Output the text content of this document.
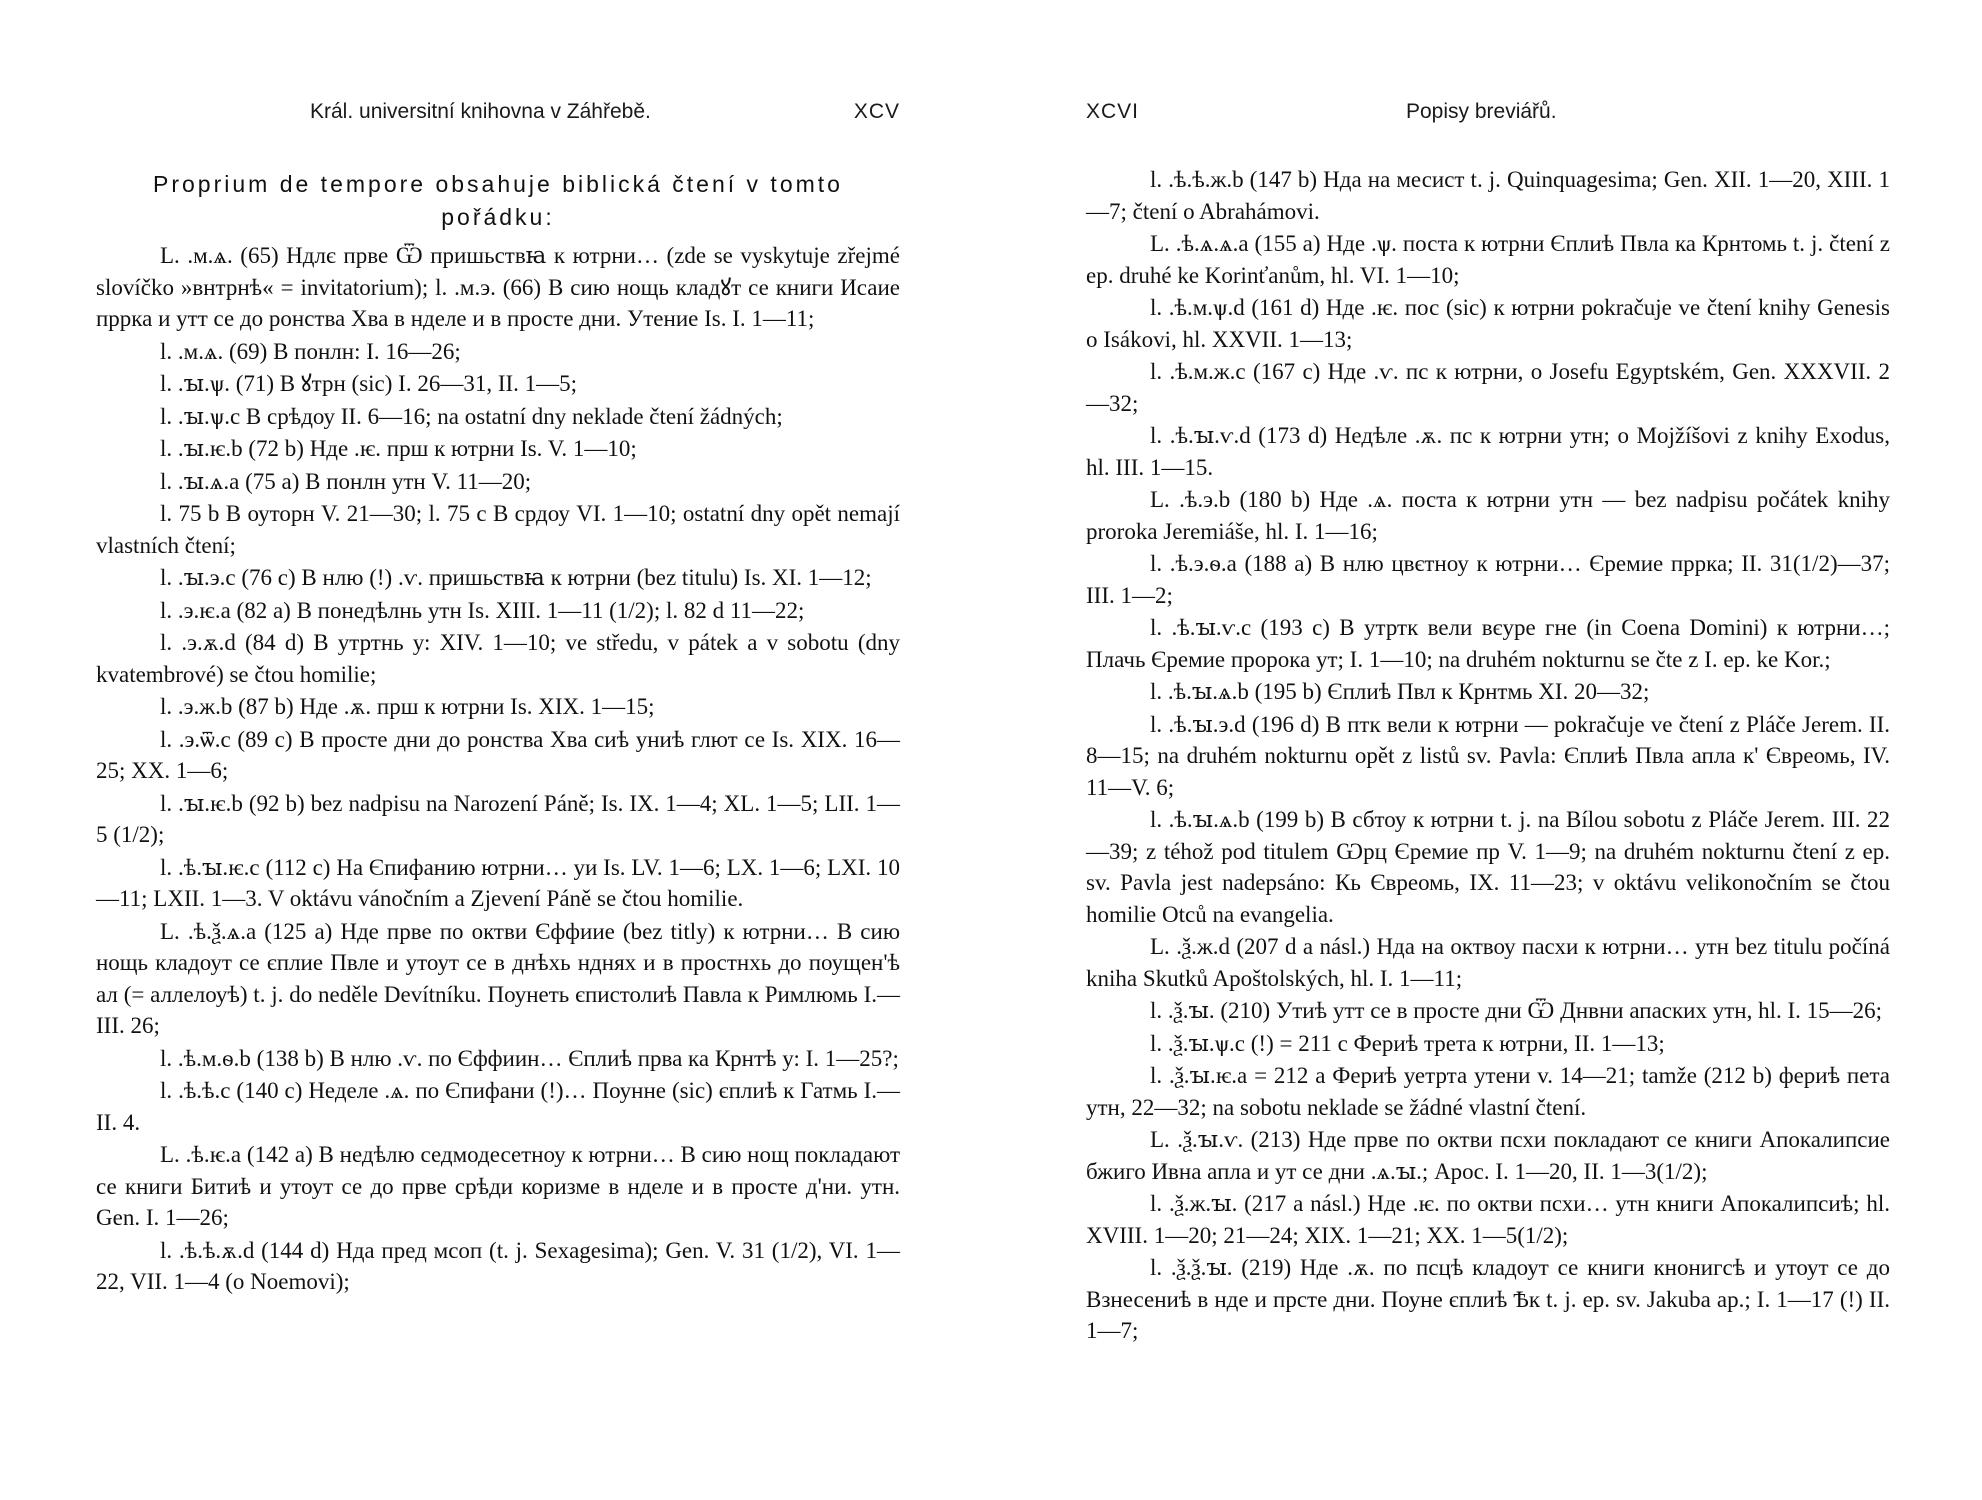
Král. universitní knihovna v Záhřebě.	XCV
Proprium de tempore obsahuje biblická čtení v tomto pořádku:

L. .м.ѧ. (65) Ндлє прве Ѿ пришьствꙗ к ютрни… (zde se vyskytuje zřejmé slovíčko »внтрнѣ« = invitatorium); l. .м.э. (66) В сию нощь кладꙋт се книги Исаие пррка и утт се до ронства Хва в нделе и в просте дни. Утение Is. I. 1—11;

l. .м.ѧ. (69) В понлн: I. 16—26;

l. .ꙑ.ѱ. (71) В ꙋтрн (sic) I. 26—31, II. 1—5;

l. .ꙑ.ѱ.c В срѣдоу II. 6—16; na ostatní dny neklade čtení žádných;

l. .ꙑ.ѥ.b (72 b) Нде .ѥ. прш к ютрни Is. V. 1—10;

l. .ꙑ.ѧ.a (75 a) В понлн утн V. 11—20;

l. 75 b В оуторн V. 21—30; l. 75 c В срдоу VI. 1—10; ostatní dny opět nemají vlastních čtení;

l. .ꙑ.э.c (76 c) В нлю (!) .ѵ. пришьствꙗ к ютрни (bez titulu) Is. XI. 1—12;

l. .э.ѥ.a (82 a) В понедѣлнь утн Is. XIII. 1—11 (1/2); l. 82 d 11—22;

l. .э.ѫ.d (84 d) В утртнь у: XIV. 1—10; ve středu, v pátek a v sobotu (dny kvatembrové) se čtou homilie;

l. .э.ж.b (87 b) Нде .ѫ. прш к ютрни Is. XIX. 1—15;

l. .э.ѿ.c (89 c) В просте дни до ронства Хва сиѣ униѣ глют се Is. XIX. 16—25; XX. 1—6;

l. .ꙑ.ѥ.b (92 b) bez nadpisu na Narození Páně; Is. IX. 1—4; XL. 1—5; LII. 1—5 (1/2);

l. .ѣ.ꙑ.ѥ.c (112 c) На Єпифанию ютрни… уи Is. LV. 1—6; LX. 1—6; LXI. 10—11; LXII. 1—3. V oktávu vánočním a Zjevení Páně se čtou homilie.

L. .ѣ.ѯ.ѧ.a (125 a) Нде прве по октви Єффиие (bez titly) к ютрни… В сию нощь кладоут се єплие Пвле и утоут се в днѣхь нднях и в простнхь до поущен'ѣ ал (= аллелоуѣ) t. j. do neděle Devítníku. Поунеть єпистолиѣ Павла к Римлюмь I.—III. 26;

l. .ѣ.м.ѳ.b (138 b) В нлю .ѵ. по Єффиин… Єплиѣ прва ка Крнтѣ у: I. 1—25?;

l. .ѣ.ѣ.c (140 c) Неделе .ѧ. по Єпифани (!)… Поунне (sic) єплиѣ к Гатмь I.—II. 4.

L. .ѣ.ѥ.a (142 a) В недѣлю седмодесетноу к ютрни… В сию нощ покладают се книги Битиѣ и утоут се до прве срѣди коризме в нделе и в просте д'ни. утн. Gen. I. 1—26;

l. .ѣ.ѣ.ѫ.d (144 d) Нда пред мсоп (t. j. Sexagesima); Gen. V. 31 (1/2), VI. 1—22, VII. 1—4 (o Noemovi);

XCVI	Popisy breviářů.

l. .ѣ.ѣ.ж.b (147 b) Нда на месист t. j. Quinquagesima; Gen. XII. 1—20, XIII. 1—7; čtení o Abrahámovi.

L. .ѣ.ѧ.ѧ.a (155 a) Нде .ѱ. поста к ютрни Єплиѣ Пвла ка Крнтомь t. j. čtení z ep. druhé ke Korinťanům, hl. VI. 1—10;

l. .ѣ.м.ѱ.d (161 d) Нде .ѥ. пос (sic) к ютрни pokračuje ve čtení knihy Genesis o Isákovi, hl. XXVII. 1—13;

l. .ѣ.м.ж.c (167 c) Нде .ѵ. пс к ютрни, o Josefu Egyptském, Gen. XXXVII. 2—32;

l. .ѣ.ꙑ.ѵ.d (173 d) Недѣле .ѫ. пс к ютрни утн; o Mojžíšovi z knihy Exodus, hl. III. 1—15.

L. .ѣ.э.b (180 b) Нде .ѧ. поста к ютрни утн — bez nadpisu počátek knihy proroka Jeremiáše, hl. I. 1—16;

l. .ѣ.э.ѳ.a (188 a) В нлю цвєтноу к ютрни… Єремие пррка; II. 31(1/2)—37; III. 1—2;

l. .ѣ.ꙑ.ѵ.c (193 c) В утртк вели вєуре гне (in Coena Domini) к ютрни…; Плачь Єремие пророка ут; I. 1—10; na druhém nokturnu se čte z I. ep. ke Kor.;

l. .ѣ.ꙑ.ѧ.b (195 b) Єплиѣ Пвл к Крнтмь XI. 20—32;

l. .ѣ.ꙑ.э.d (196 d) В птк вели к ютрни — pokračuje ve čtení z Pláče Jerem. II. 8—15; na druhém nokturnu opět z listů sv. Pavla: Єплиѣ Пвла апла к' Євреомь, IV. 11—V. 6;

l. .ѣ.ꙑ.ѧ.b (199 b) В сбтоу к ютрни t. j. na Bílou sobotu z Pláče Jerem. III. 22—39; z téhož pod titulem Ѡрц Єремие пр V. 1—9; na druhém nokturnu čtení z ep. sv. Pavla jest nadepsáno: Кь Євреомь, IX. 11—23; v oktávu velikonočním se čtou homilie Otců na evangelia.

L. .ѯ.ж.d (207 d a násl.) Нда на октвоу пасхи к ютрни… утн bez titulu počíná kniha Skutků Apoštolských, hl. I. 1—11;

l. .ѯ.ꙑ. (210) Утиѣ утт се в просте дни Ѿ Днвни апаских утн, hl. I. 15—26;

l. .ѯ.ꙑ.ѱ.c (!) = 211 c Фериѣ трета к ютрни, II. 1—13;

l. .ѯ.ꙑ.ѥ.a = 212 a Фериѣ уетрта утени v. 14—21; tamže (212 b) фериѣ пета утн, 22—32; na sobotu neklade se žádné vlastní čtení.

L. .ѯ.ꙑ.ѵ. (213) Нде прве по октви псхи покладают се книги Апокалипсие бжиго Ивна апла и ут се дни .ѧ.ꙑ.; Apoc. I. 1—20, II. 1—3(1/2);

l. .ѯ.ж.ꙑ. (217 a násl.) Нде .ѥ. по октви псхи… утн книги Апокалипсиѣ; hl. XVIII. 1—20; 21—24; XIX. 1—21; XX. 1—5(1/2);

l. .ѯ.ѯ.ꙑ. (219) Нде .ѫ. по псцѣ кладоут се книги кнонигсѣ и утоут се до Взнесениѣ в нде и прсте дни. Поуне єплиѣ Ѣк t. j. ep. sv. Jakuba ap.; I. 1—17 (!) II. 1—7;
